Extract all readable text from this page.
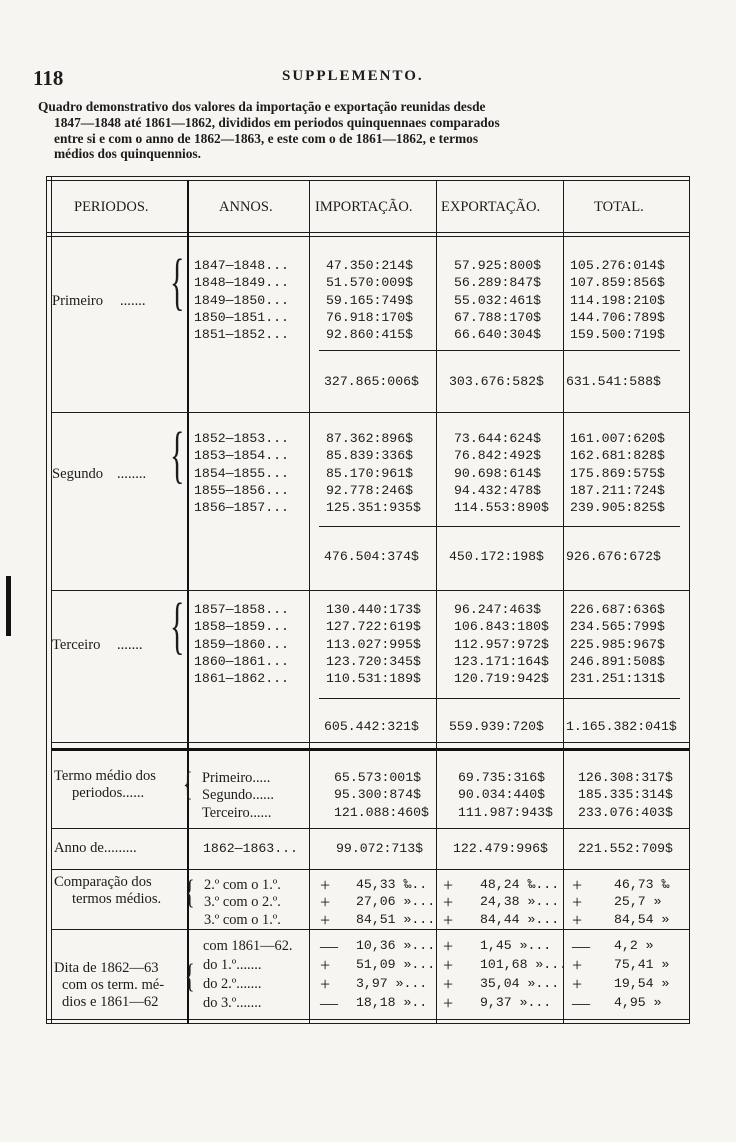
118	SUPPLEMENTO.
Quadro demonstrativo dos valores da importação e exportação reunidas desde
1847—1848 até 1861—1862, divididos em periodos quinquennaes comparados
entre si e com o anno de 1862—1863, e este com o de 1861—1862, e termos
médios dos quinquennios.
PERIODOS.	ANNOS.	IMPORTAÇÃO. EXPORTAÇÃO.	TOTAL.
1847—1848...	47.350:214$	57.925:800$ 105.276:014$
1848—1849...	51.570:009$	56.289:847$ 107.859:856$
1849—1850...	59.165:749$	55.032:461$ 114.198:210$
1850—1851...	76.918:170$	67.788:170$ 144.706:789$
1851—1852...	92.860:415$	66.640:304$ 159.500:719$
Primeiro ....... {
327.865:006$ 303.676:582$ 631.541:588$
1852—1853...	87.362:896$	73.644:624$ 161.007:620$
1853—1854...	85.839:336$	76.842:492$ 162.681:828$
1854—1855...	85.170:961$	90.698:614$ 175.869:575$
1855—1856...	92.778:246$	94.432:478$ 187.211:724$
1856—1857...	125.351:935$	114.553:890$ 239.905:825$
Segundo ........ {
476.504:374$ 450.172:198$ 926.676:672$
1857—1858...	130.440:173$	96.247:463$ 226.687:636$
1858—1859...	127.722:619$	106.843:180$ 234.565:799$
1859—1860...	113.027:995$	112.957:972$ 225.985:967$
1860—1861...	123.720:345$	123.171:164$ 246.891:508$
1861—1862...	110.531:189$	120.719:942$ 231.251:131$
Terceiro ....... {
605.442:321$ 559.939:720$ 1.165.382:041$
Termo médio dos
periodos...... { Primeiro.....	65.573:001$	69.735:316$ 126.308:317$
Segundo......	95.300:874$	90.034:440$ 185.335:314$
Terceiro......	121.088:460$ 111.987:943$ 233.076:403$
Anno de.........	1862—1863...	99.072:713$ 122.479:996$ 221.552:709$
Comparação dos
termos médios. { 2.º com o 1.º. + 45,33 ‰.. + 48,24 ‰... + 46,73 ‰
3.º com o 2.º. + 27,06 »... + 24,38 »... + 25,7 »
3.º com o 1.º. + 84,51 »... + 84,44 »... + 84,54 »
Dita de 1862—63
com os term. mé-
dios e 1861—62
{
com 1861—62. — 10,36 »... + 1,45 »... — 4,2 »
do 1.º.......	+ 51,09 »... + 101,68 »... + 75,41 »
do 2.º.......	+ 3,97 »... + 35,04 »... + 19,54 »
do 3.º.......	— 18,18 ».. + 9,37 »... — 4,95 »
